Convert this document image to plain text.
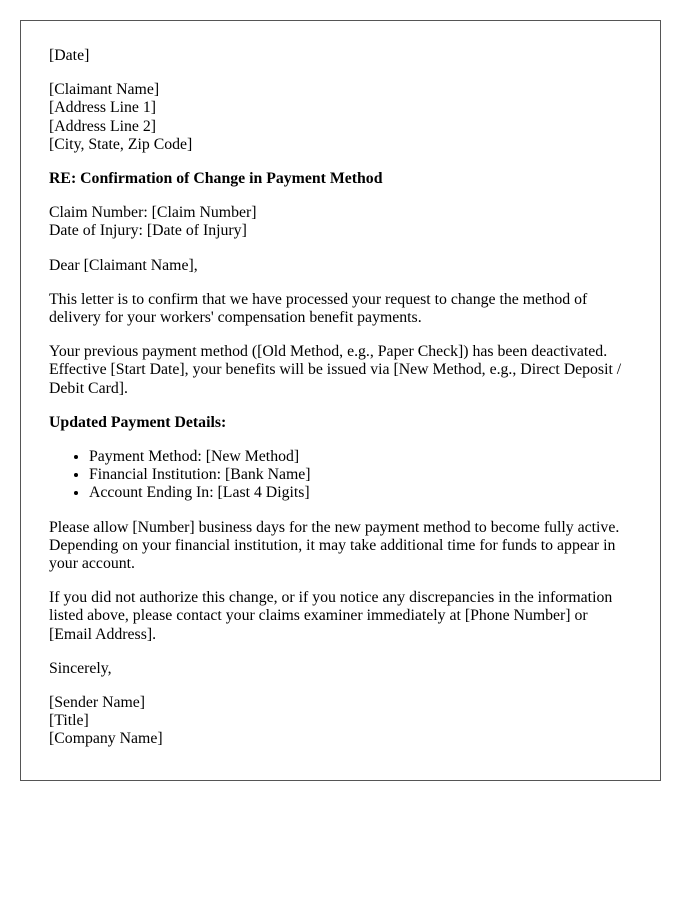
[Date]

[Claimant Name]
[Address Line 1]
[Address Line 2]
[City, State, Zip Code]

RE: Confirmation of Change in Payment Method

Claim Number: [Claim Number]
Date of Injury: [Date of Injury]

Dear [Claimant Name],

This letter is to confirm that we have processed your request to change the method of delivery for your workers' compensation benefit payments.

Your previous payment method ([Old Method, e.g., Paper Check]) has been deactivated. Effective [Start Date], your benefits will be issued via [New Method, e.g., Direct Deposit / Debit Card].

Updated Payment Details:

• Payment Method: [New Method]
• Financial Institution: [Bank Name]
• Account Ending In: [Last 4 Digits]

Please allow [Number] business days for the new payment method to become fully active. Depending on your financial institution, it may take additional time for funds to appear in your account.

If you did not authorize this change, or if you notice any discrepancies in the information listed above, please contact your claims examiner immediately at [Phone Number] or [Email Address].

Sincerely,

[Sender Name]
[Title]
[Company Name]
